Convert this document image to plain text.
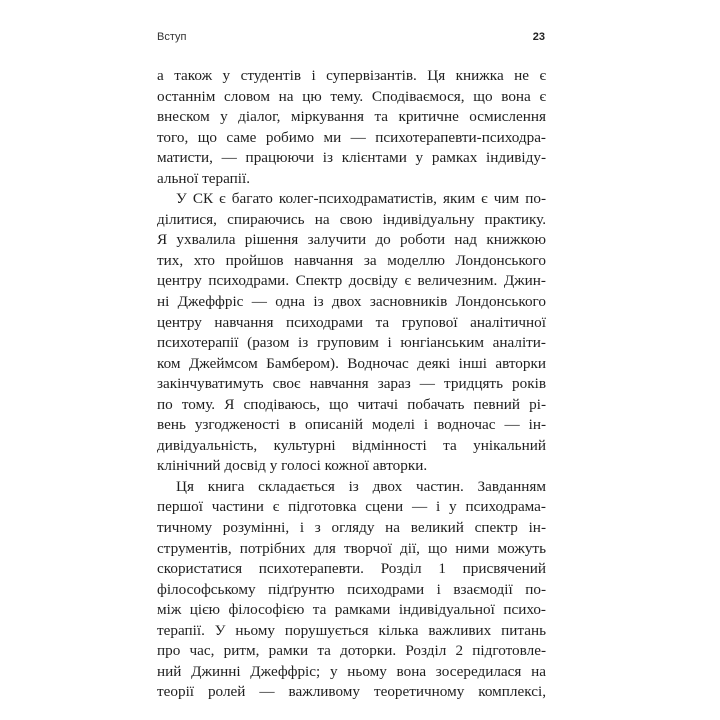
Вступ	23
а також у студентів і супервізантів. Ця книжка не є
останнім словом на цю тему. Сподіваємося, що вона є
внеском у діалог, міркування та критичне осмислення
того, що саме робимо ми — психотерапевти-психодра-
матисти, — працюючи із клієнтами у рамках індивіду-
альної терапії.
У СК є багато колег-психодраматистів, яким є чим по-
ділитися, спираючись на свою індивідуальну практику.
Я ухвалила рішення залучити до роботи над книжкою
тих, хто пройшов навчання за моделлю Лондонського
центру психодрами. Спектр досвіду є величезним. Джин-
ні Джеффріс — одна із двох засновників Лондонського
центру навчання психодрами та групової аналітичної
психотерапії (разом із груповим і юнгіанським аналіти-
ком Джеймсом Бамбером). Водночас деякі інші авторки
закінчуватимуть своє навчання зараз — тридцять років
по тому. Я сподіваюсь, що читачі побачать певний рі-
вень узгодженості в описаній моделі і водночас — ін-
дивідуальність, культурні відмінності та унікальний
клінічний досвід у голосі кожної авторки.
Ця книга складається із двох частин. Завданням
першої частини є підготовка сцени — і у психодрама-
тичному розумінні, і з огляду на великий спектр ін-
струментів, потрібних для творчої дії, що ними можуть
скористатися психотерапевти. Розділ 1 присвячений
філософському підґрунтю психодрами і взаємодії по-
між цією філософією та рамками індивідуальної психо-
терапії. У ньому порушується кілька важливих питань
про час, ритм, рамки та доторки. Розділ 2 підготовле-
ний Джинні Джеффріс; у ньому вона зосередилася на
теорії ролей — важливому теоретичному комплексі,
